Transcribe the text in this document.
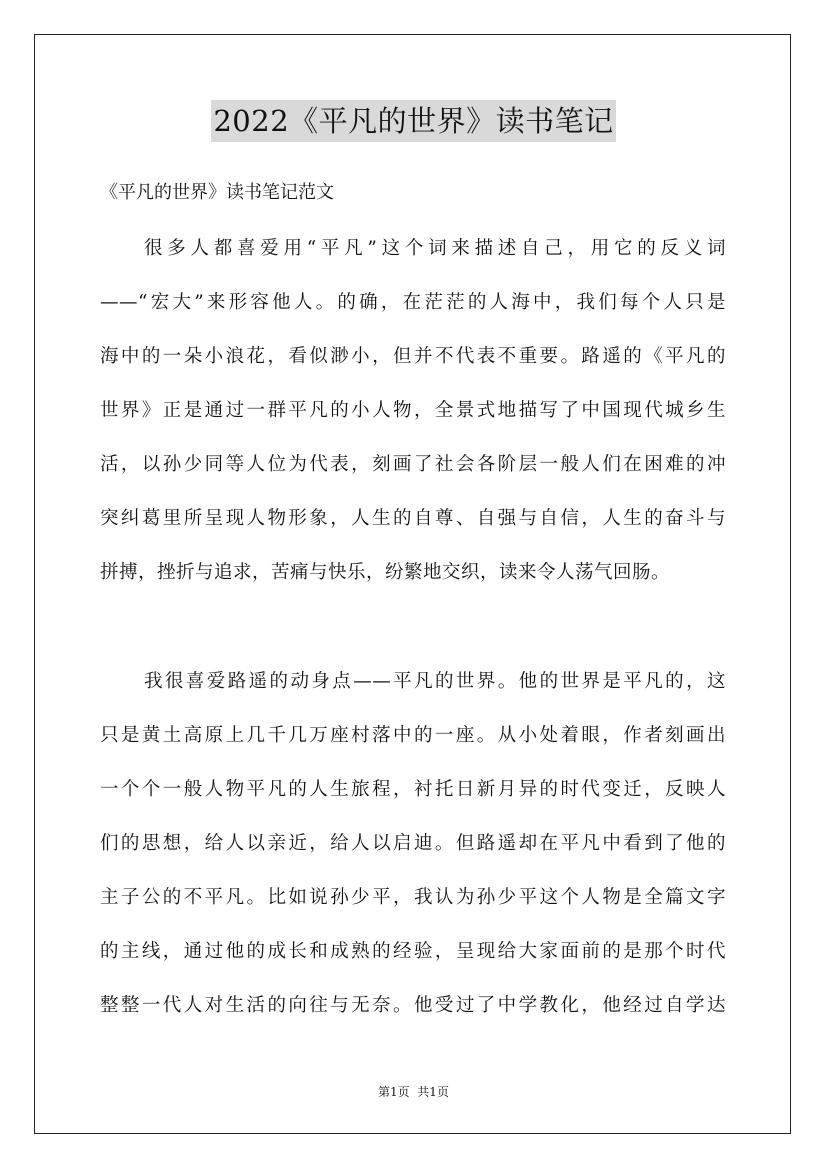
2022《平凡的世界》读书笔记
《平凡的世界》读书笔记范文
很多人都喜爱用“平凡”这个词来描述自己，用它的反义词
——“宏大”来形容他人。的确，在茫茫的人海中，我们每个人只是
海中的一朵小浪花，看似渺小，但并不代表不重要。路遥的《平凡的
世界》正是通过一群平凡的小人物，全景式地描写了中国现代城乡生
活，以孙少同等人位为代表，刻画了社会各阶层一般人们在困难的冲
突纠葛里所呈现人物形象，人生的自尊、自强与自信，人生的奋斗与
拼搏，挫折与追求，苦痛与快乐，纷繁地交织，读来令人荡气回肠。
我很喜爱路遥的动身点——平凡的世界。他的世界是平凡的，这
只是黄土高原上几千几万座村落中的一座。从小处着眼，作者刻画出
一个个一般人物平凡的人生旅程，衬托日新月异的时代变迁，反映人
们的思想，给人以亲近，给人以启迪。但路遥却在平凡中看到了他的
主子公的不平凡。比如说孙少平，我认为孙少平这个人物是全篇文字
的主线，通过他的成长和成熟的经验，呈现给大家面前的是那个时代
整整一代人对生活的向往与无奈。他受过了中学教化，他经过自学达
第1页  共1页
